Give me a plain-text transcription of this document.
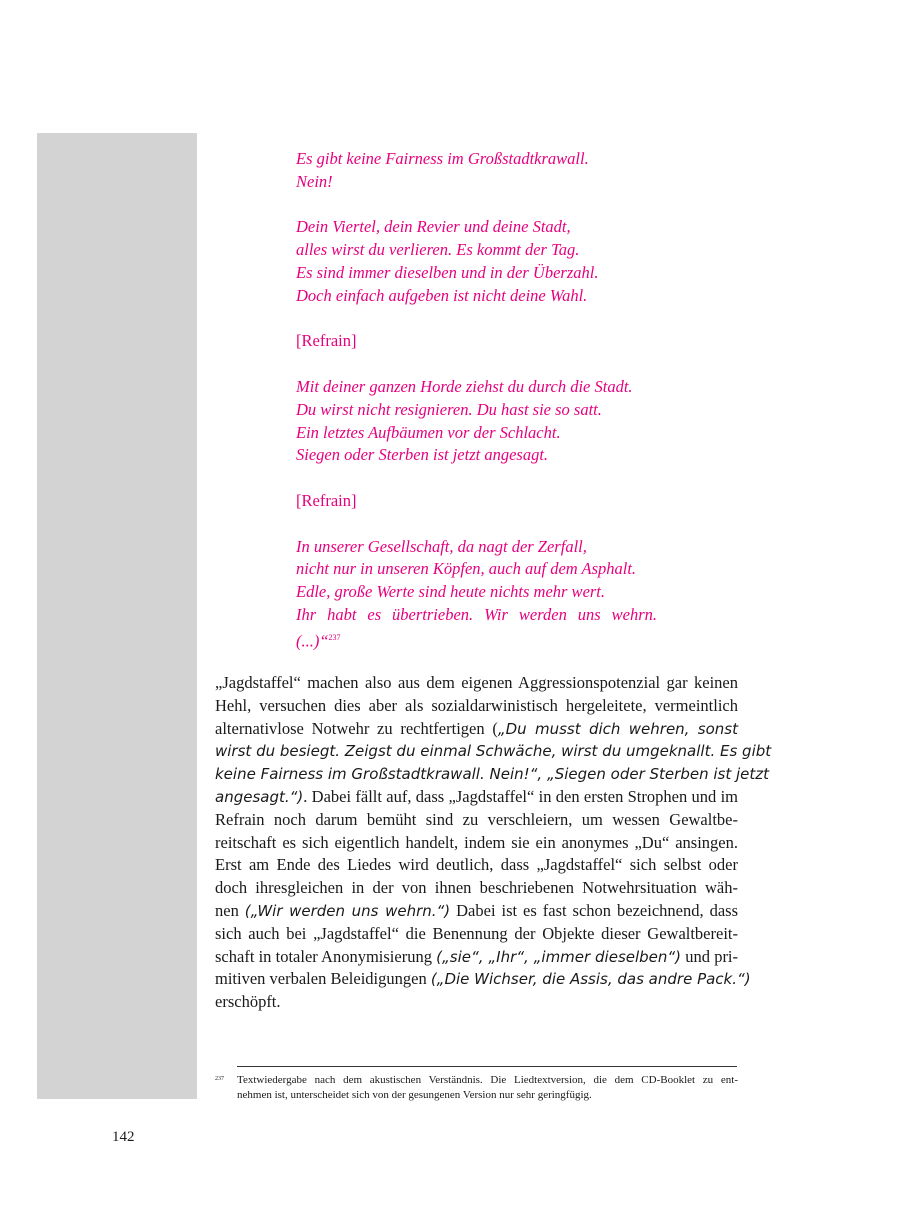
Es gibt keine Fairness im Großstadtkrawall.
Nein!
Dein Viertel, dein Revier und deine Stadt,
alles wirst du verlieren. Es kommt der Tag.
Es sind immer dieselben und in der Überzahl.
Doch einfach aufgeben ist nicht deine Wahl.
[Refrain]
Mit deiner ganzen Horde ziehst du durch die Stadt.
Du wirst nicht resignieren. Du hast sie so satt.
Ein letztes Aufbäumen vor der Schlacht.
Siegen oder Sterben ist jetzt angesagt.
[Refrain]
In unserer Gesellschaft, da nagt der Zerfall,
nicht nur in unseren Köpfen, auch auf dem Asphalt.
Edle, große Werte sind heute nichts mehr wert.
Ihr habt es übertrieben. Wir werden uns wehrn.
(...)“$^{237}$
„Jagdstaffel“ machen also aus dem eigenen Aggressionspotenzial gar keinen
Hehl, versuchen dies aber als sozialdarwinistisch hergeleitete, vermeintlich
alternativlose Notwehr zu rechtfertigen („Du musst dich wehren, sonst
wirst du besiegt. Zeigst du einmal Schwäche, wirst du umgeknallt. Es gibt
keine Fairness im Großstadtkrawall. Nein!“, „Siegen oder Sterben ist jetzt
angesagt.“). Dabei fällt auf, dass „Jagdstaffel“ in den ersten Strophen und im
Refrain noch darum bemüht sind zu verschleiern, um wessen Gewaltbe-
reitschaft es sich eigentlich handelt, indem sie ein anonymes „Du“ ansingen.
Erst am Ende des Liedes wird deutlich, dass „Jagdstaffel“ sich selbst oder
doch ihresgleichen in der von ihnen beschriebenen Notwehrsituation wäh-
nen („Wir werden uns wehrn.“) Dabei ist es fast schon bezeichnend, dass
sich auch bei „Jagdstaffel“ die Benennung der Objekte dieser Gewaltbereit-
schaft in totaler Anonymisierung („sie“, „Ihr“, „immer dieselben“) und pri-
mitiven verbalen Beleidigungen („Die Wichser, die Assis, das andre Pack.“)
erschöpft.
237 Textwiedergabe nach dem akustischen Verständnis. Die Liedtextversion, die dem CD-Booklet zu ent-
nehmen ist, unterscheidet sich von der gesungenen Version nur sehr geringfügig.
142
